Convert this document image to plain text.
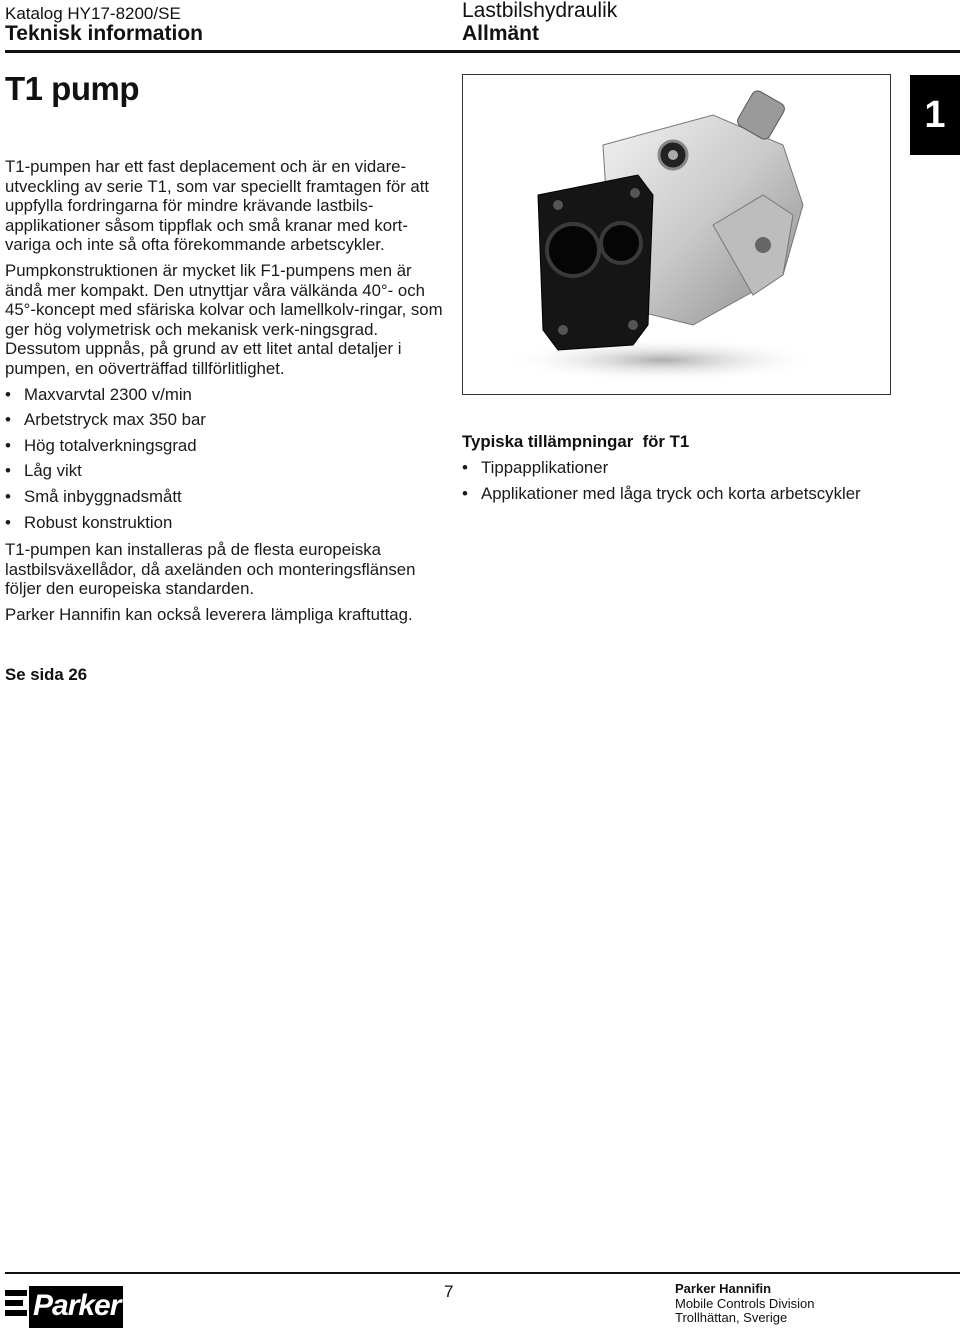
Katalog HY17-8200/SE
Teknisk information
Lastbilshydraulik
Allmänt
T1 pump
1

T1-pumpen har ett fast deplacement och är en vidare-utveckling av serie T1, som var speciellt framtagen för att uppfylla fordringarna för mindre krävande lastbils-applikationer såsom tippflak och små kranar med kort-variga och inte så ofta förekommande arbetscykler.

Pumpkonstruktionen är mycket lik F1-pumpens men är ändå mer kompakt. Den utnyttjar våra välkända 40°- och 45°-koncept med sfäriska kolvar och lamellkolv-ringar, som ger hög volymetrisk och mekanisk verk-ningsgrad. Dessutom uppnås, på grund av ett litet antal detaljer i pumpen, en oöverträffad tillförlitlighet.

• Maxvarvtal 2300 v/min
• Arbetstryck max 350 bar
• Hög totalverkningsgrad
• Låg vikt
• Små inbyggnadsmått
• Robust konstruktion

T1-pumpen kan installeras på de flesta europeiska lastbilsväxellådor, då axeländen och monteringsflänsen följer den europeiska standarden.

Parker Hannifin kan också leverera lämpliga kraftuttag.

Se sida 26
Typiska tillämpningar  för T1
• Tippapplikationer
• Applikationer med låga tryck och korta arbetscykler
Parker	7	Parker Hannifin
Mobile Controls Division
Trollhättan, Sverige
